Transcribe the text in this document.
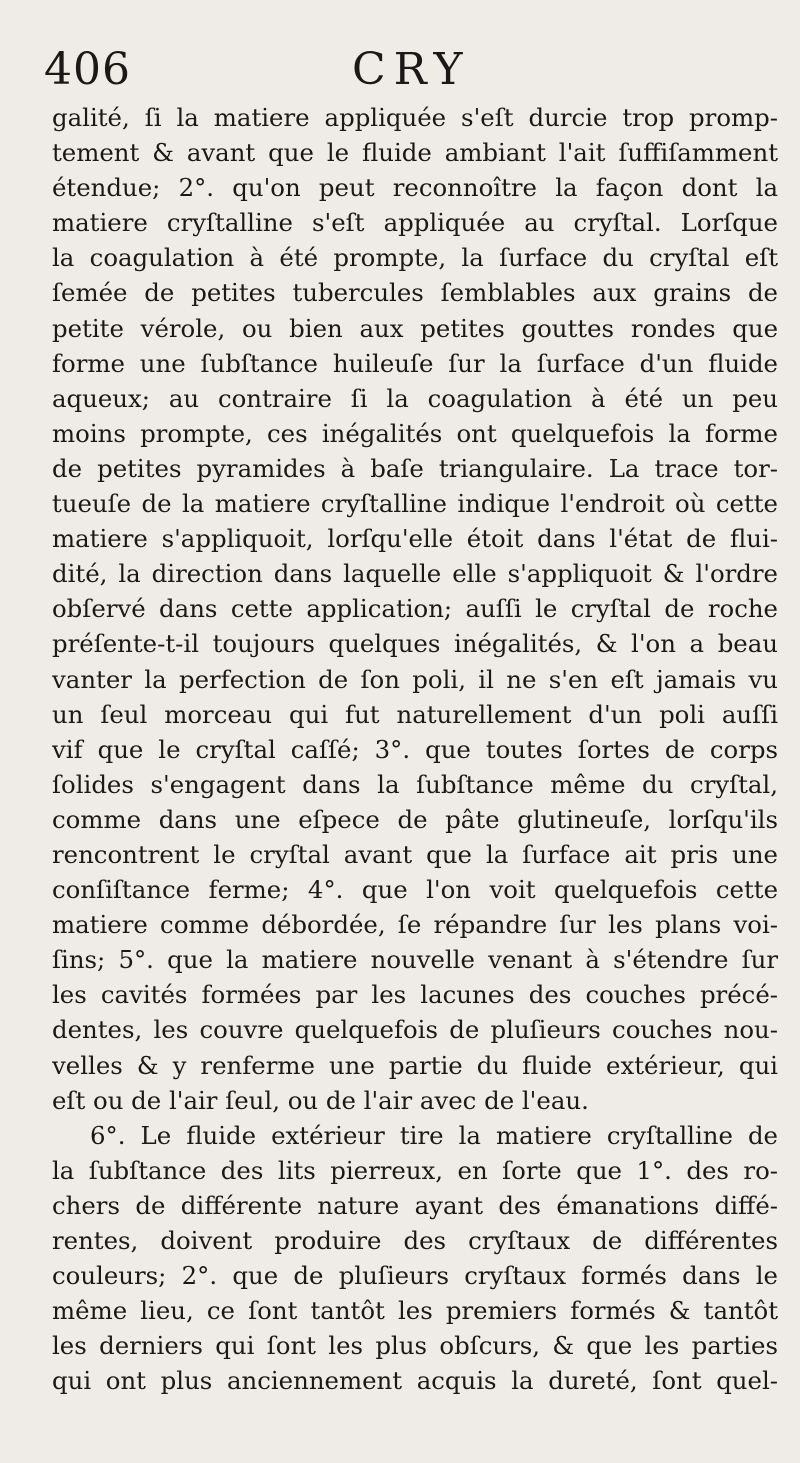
406	CRY
galité, ſi la matiere appliquée s'eſt durcie trop promp-
tement & avant que le fluide ambiant l'ait ſuffiſamment
étendue; 2°. qu'on peut reconnoître la façon dont la
matiere cryſtalline s'eſt appliquée au cryſtal. Lorſque
la coagulation à été prompte, la ſurface du cryſtal eſt
ſemée de petites tubercules ſemblables aux grains de
petite vérole, ou bien aux petites gouttes rondes que
forme une ſubſtance huileuſe ſur la ſurface d'un fluide
aqueux; au contraire ſi la coagulation à été un peu
moins prompte, ces inégalités ont quelquefois la forme
de petites pyramides à baſe triangulaire. La trace tor-
tueuſe de la matiere cryſtalline indique l'endroit où cette
matiere s'appliquoit, lorſqu'elle étoit dans l'état de flui-
dité, la direction dans laquelle elle s'appliquoit & l'ordre
obſervé dans cette application; auſſi le cryſtal de roche
préſente-t-il toujours quelques inégalités, & l'on a beau
vanter la perfection de ſon poli, il ne s'en eſt jamais vu
un ſeul morceau qui fut naturellement d'un poli auſſi
vif que le cryſtal caſſé; 3°. que toutes ſortes de corps
ſolides s'engagent dans la ſubſtance même du cryſtal,
comme dans une eſpece de pâte glutineuſe, lorſqu'ils
rencontrent le cryſtal avant que la ſurface ait pris une
conſiſtance ferme; 4°. que l'on voit quelquefois cette
matiere comme débordée, ſe répandre ſur les plans voi-
ſins; 5°. que la matiere nouvelle venant à s'étendre ſur
les cavités formées par les lacunes des couches précé-
dentes, les couvre quelquefois de pluſieurs couches nou-
velles & y renferme une partie du fluide extérieur, qui
eſt ou de l'air ſeul, ou de l'air avec de l'eau.
6°. Le fluide extérieur tire la matiere cryſtalline de
la ſubſtance des lits pierreux, en ſorte que 1°. des ro-
chers de différente nature ayant des émanations diffé-
rentes, doivent produire des cryſtaux de différentes
couleurs; 2°. que de pluſieurs cryſtaux formés dans le
même lieu, ce ſont tantôt les premiers formés & tantôt
les derniers qui ſont les plus obſcurs, & que les parties
qui ont plus anciennement acquis la dureté, ſont quel-
